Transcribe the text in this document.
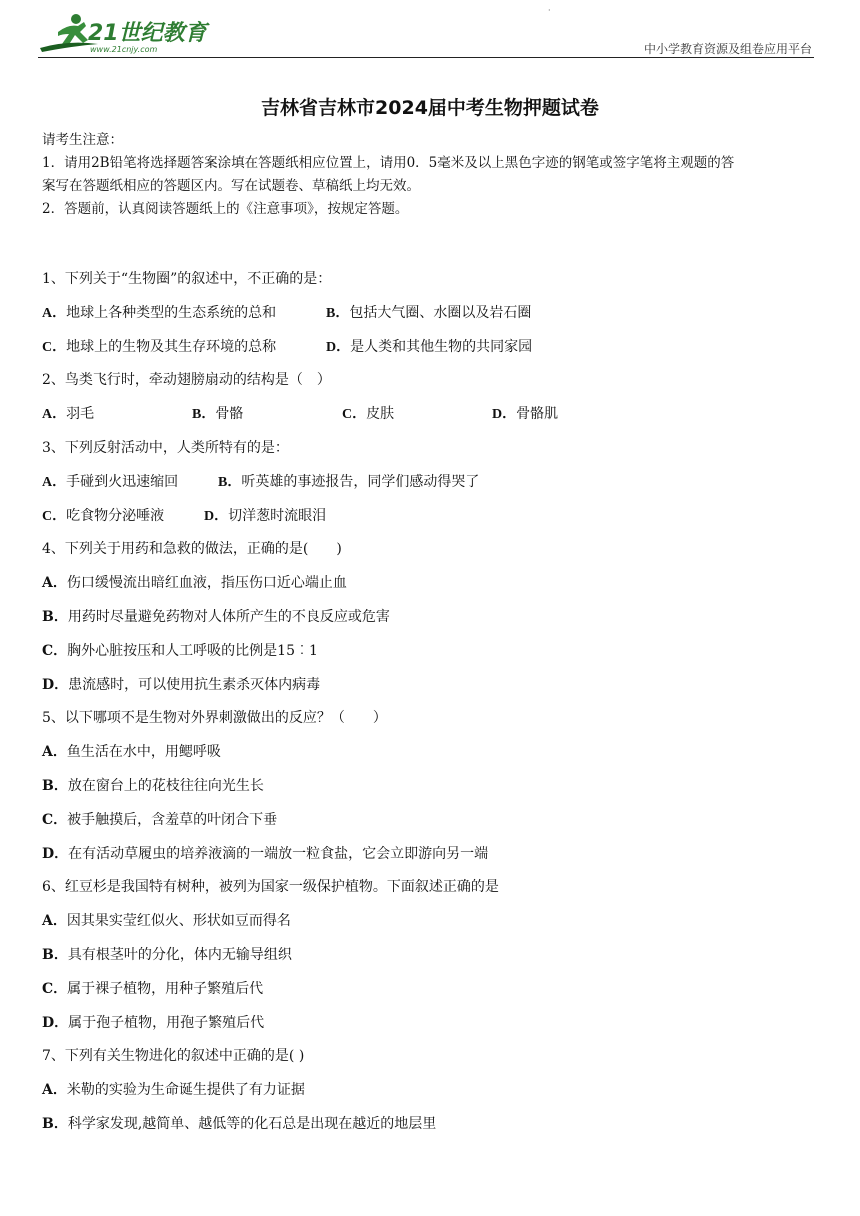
21世纪教育
www.21cnjy.com	中小学教育资源及组卷应用平台
·
吉林省吉林市2024届中考生物押题试卷
请考生注意：
1．请用2B铅笔将选择题答案涂填在答题纸相应位置上，请用0．5毫米及以上黑色字迹的钢笔或签字笔将主观题的答
案写在答题纸相应的答题区内。写在试题卷、草稿纸上均无效。
2．答题前，认真阅读答题纸上的《注意事项》，按规定答题。
1、下列关于“生物圈”的叙述中，不正确的是：
A．地球上各种类型的生态系统的总和	B．包括大气圈、水圈以及岩石圈
C．地球上的生物及其生存环境的总称	D．是人类和其他生物的共同家园
2、鸟类飞行时，牵动翅膀扇动的结构是（　）
A．羽毛	B．骨骼	C．皮肤	D．骨骼肌
3、下列反射活动中，人类所特有的是：
A．手碰到火迅速缩回	B．听英雄的事迹报告，同学们感动得哭了
C．吃食物分泌唾液	D．切洋葱时流眼泪
4、下列关于用药和急救的做法，正确的是(　　)
A．伤口缓慢流出暗红血液，指压伤口近心端止血
B．用药时尽量避免药物对人体所产生的不良反应或危害
C．胸外心脏按压和人工呼吸的比例是15︰1
D．患流感时，可以使用抗生素杀灭体内病毒
5、以下哪项不是生物对外界刺激做出的反应？（　　）
A．鱼生活在水中，用鳃呼吸
B．放在窗台上的花枝往往向光生长
C．被手触摸后，含羞草的叶闭合下垂
D．在有活动草履虫的培养液滴的一端放一粒食盐，它会立即游向另一端
6、红豆杉是我国特有树种，被列为国家一级保护植物。下面叙述正确的是
A．因其果实莹红似火、形状如豆而得名
B．具有根茎叶的分化，体内无输导组织
C．属于裸子植物，用种子繁殖后代
D．属于孢子植物，用孢子繁殖后代
7、下列有关生物进化的叙述中正确的是( )
A．米勒的实验为生命诞生提供了有力证据
B．科学家发现,越简单、越低等的化石总是出现在越近的地层里
